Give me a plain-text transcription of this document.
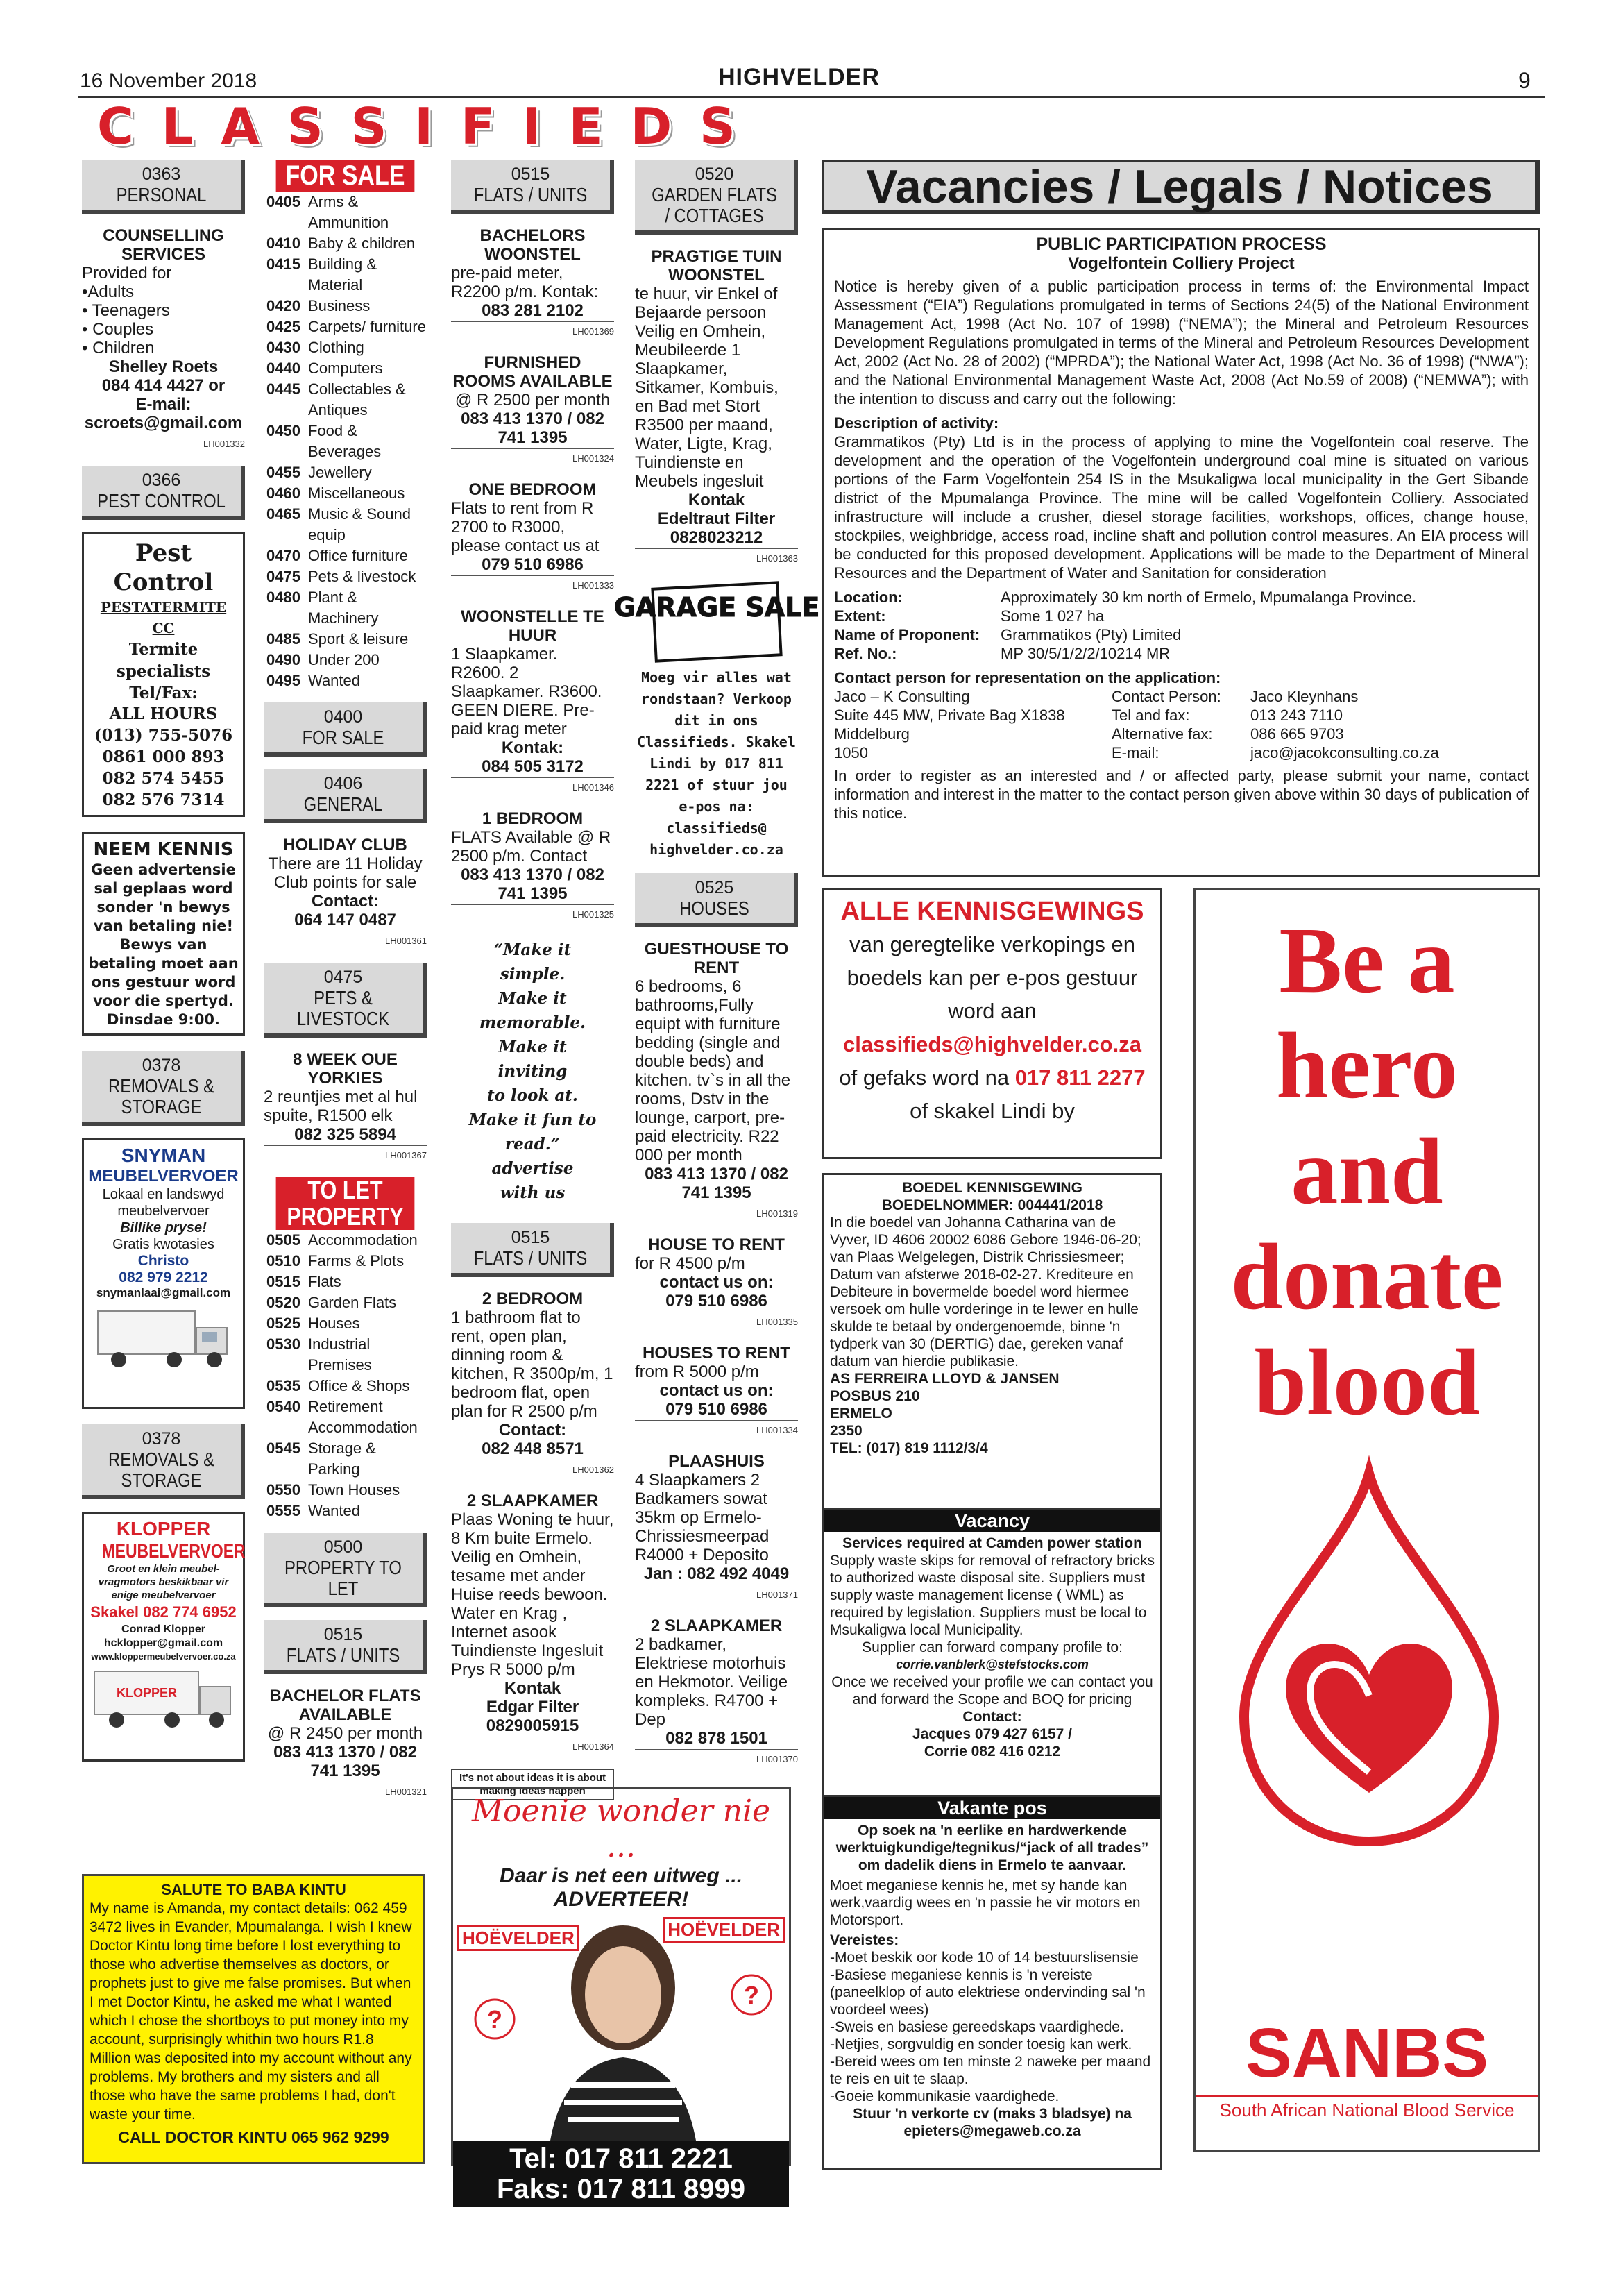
16 November 2018	HIGHVELDER	9
C L A S S I F I E D S
0363
PERSONAL
COUNSELLING SERVICES
Provided for
•Adults
• Teenagers
• Couples
• Children
Shelley Roets
084 414 4427 or
E-mail:
scroets@gmail.com
LH001332
0366
PEST CONTROL
Pest Control
PESTATERMITE CC
Termite
specialists
Tel/Fax:
ALL HOURS
(013) 755-5076
0861 000 893
082 574 5455
082 576 7314
NEEM KENNIS
Geen advertensie sal geplaas word sonder 'n bewys van betaling nie! Bewys van betaling moet aan ons gestuur word voor die spertyd. Dinsdae 9:00.
0378
REMOVALS & STORAGE
SNYMAN
MEUBELVERVOER
Lokaal en landswyd
meubelvervoer
Billike pryse!
Gratis kwotasies
Christo
082 979 2212
snymanlaai@gmail.com
0378
REMOVALS & STORAGE
KLOPPER
MEUBELVERVOER
Groot en klein meubel-vragmotors beskikbaar vir enige meubelvervoer
Skakel 082 774 6952
Conrad Klopper
hcklopper@gmail.com
www.kloppermeubelvervoer.co.za
KLOPPER
FOR SALE
0405 Arms & Ammunition
0410 Baby & children
0415 Building & Material
0420 Business
0425 Carpets/ furniture
0430 Clothing
0440 Computers
0445 Collectables & Antiques
0450 Food & Beverages
0455 Jewellery
0460 Miscellaneous
0465 Music & Sound equip
0470 Office furniture
0475 Pets & livestock
0480 Plant & Machinery
0485 Sport & leisure
0490 Under 200
0495 Wanted
0400
FOR SALE
0406
GENERAL
HOLIDAY CLUB
There are 11 Holiday Club points for sale
Contact:
064 147 0487
LH001361
0475
PETS & LIVESTOCK
8 WEEK OUE YORKIES
2 reuntjies met al hul spuite, R1500 elk
082 325 5894
LH001367
TO LET PROPERTY
0505 Accommodation
0510 Farms & Plots
0515 Flats
0520 Garden Flats
0525 Houses
0530 Industrial Premises
0535 Office & Shops
0540 Retirement Accommodation
0545 Storage & Parking
0550 Town Houses
0555 Wanted
0500
PROPERTY TO LET
0515
FLATS / UNITS
BACHELOR FLATS AVAILABLE
@ R 2450 per month
083 413 1370 / 082 741 1395
LH001321
0515
FLATS / UNITS
BACHELORS WOONSTEL
pre-paid meter, R2200 p/m. Kontak:
083 281 2102
LH001369
FURNISHED ROOMS AVAILABLE
@ R 2500 per month
083 413 1370 / 082 741 1395
LH001324
ONE BEDROOM
Flats to rent from R 2700 to R3000, please contact us at
079 510 6986
LH001333
WOONSTELLE TE HUUR
1 Slaapkamer. R2600. 2 Slaapkamer. R3600. GEEN DIERE. Pre-paid krag meter
Kontak:
084 505 3172
LH001346
1 BEDROOM
FLATS Available @ R 2500 p/m. Contact
083 413 1370 / 082 741 1395
LH001325
“Make it
simple.
Make it
memorable.
Make it
inviting
to look at.
Make it fun to
read.”
advertise
with us
0515
FLATS / UNITS
2 BEDROOM
1 bathroom flat to rent, open plan, dinning room & kitchen, R 3500p/m, 1 bedroom flat, open plan for R 2500 p/m
Contact:
082 448 8571
LH001362
2 SLAAPKAMER
Plaas Woning te huur, 8 Km buite Ermelo. Veilig en Omhein, tesame met ander Huise reeds bewoon. Water en Krag , Internet asook Tuindienste Ingesluit Prys R 5000 p/m
Kontak
Edgar Filter
0829005915
LH001364
It's not about ideas it is about making ideas happen
0520
GARDEN FLATS / COTTAGES
PRAGTIGE TUIN WOONSTEL
te huur, vir Enkel of Bejaarde persoon Veilig en Omhein, Meubileerde 1 Slaapkamer, Sitkamer, Kombuis, en Bad met Stort R3500 per maand, Water, Ligte, Krag, Tuindienste en Meubels ingesluit
Kontak
Edeltraut Filter
0828023212
LH001363
GARAGE SALE
Moeg vir alles wat rondstaan? Verkoop dit in ons Classifieds. Skakel Lindi by 017 811 2221 of stuur jou e-pos na: classifieds@ highvelder.co.za
0525
HOUSES
GUESTHOUSE TO RENT
6 bedrooms, 6 bathrooms,Fully equipt with furniture bedding (single and double beds) and kitchen. tv`s in all the rooms, Dstv in the lounge, carport, pre-paid electricity. R22 000 per month
083 413 1370 / 082 741 1395
LH001319
HOUSE TO RENT
for R 4500 p/m
contact us on:
079 510 6986
LH001335
HOUSES TO RENT
from R 5000 p/m
contact us on:
079 510 6986
LH001334
PLAASHUIS
4 Slaapkamers 2 Badkamers sowat 35km op Ermelo-Chrissiesmeerpad R4000 + Deposito
Jan : 082 492 4049
LH001371
2 SLAAPKAMER
2 badkamer, Elektriese motorhuis en Hekmotor. Veilige kompleks. R4700 + Dep
082 878 1501
LH001370
Moenie wonder nie ...
Daar is net een uitweg ... ADVERTEER!
HOËVELDER	HOËVELDER
?
?
Tel: 017 811 2221
Faks: 017 811 8999
SALUTE TO BABA KINTU
My name is Amanda, my contact details: 062 459 3472 lives in Evander, Mpumalanga. I wish I knew Doctor Kintu long time before I lost everything to those who advertise themselves as doctors, or prophets just to give me false promises. But when I met Doctor Kintu, he asked me what I wanted which I chose the shortboys to put money into my account, surprisingly whithin two hours R1.8 Million was deposited into my account without any problems. My brothers and my sisters and all those who have the same problems I had, don't waste your time.
CALL DOCTOR KINTU 065 962 9299
Vacancies / Legals / Notices
PUBLIC PARTICIPATION PROCESS
Vogelfontein Colliery Project

Notice is hereby given of a public participation process in terms of: the Environmental Impact Assessment (“EIA”) Regulations promulgated in terms of Sections 24(5) of the National Environment Management Act, 1998 (Act No. 107 of 1998) (“NEMA”); the Mineral and Petroleum Resources Development Regulations promulgated in terms of the Mineral and Petroleum Resources Development Act, 2002 (Act No. 28 of 2002) (“MPRDA”); the National Water Act, 1998 (Act No. 36 of 1998) (“NWA”); and the National Environmental Management Waste Act, 2008 (Act No.59 of 2008) (“NEMWA”); with the intention to discuss and carry out the following:

Description of activity:

Grammatikos (Pty) Ltd is in the process of applying to mine the Vogelfontein coal reserve. The development and the operation of the Vogelfontein underground coal mine is situated on various portions of the Farm Vogelfontein 254 IS in the Msukaligwa local municipality in the Gert Sibande district of the Mpumalanga Province. The mine will be called Vogelfontein Colliery. Associated infrastructure will include a crusher, diesel storage facilities, workshops, offices, change house, stockpiles, weighbridge, access road, incline shaft and pollution control measures. An EIA process will be conducted for this proposed development. Applications will be made to the Department of Mineral Resources and the Department of Water and Sanitation for consideration

Location:	Approximately 30 km north of Ermelo, Mpumalanga Province.
Extent:	Some 1 027 ha
Name of Proponent:	Grammatikos (Pty) Limited
Ref. No.:	MP 30/5/1/2/2/10214 MR
Contact person for representation on the application:
Jaco – K Consulting	Contact Person:	Jaco Kleynhans
Suite 445 MW, Private Bag X1838	Tel and fax:	013 243 7110
Middelburg	Alternative fax:	086 665 9703
1050	E-mail:	jaco@jacokconsulting.co.za

In order to register as an interested and / or affected party, please submit your name, contact information and interest in the matter to the contact person given above within 30 days of publication of this notice.

ALLE KENNISGEWINGS
van geregtelike verkopings en
boedels kan per e-pos gestuur
word aan
classifieds@highvelder.co.za
of gefaks word na 017 811 2277
of skakel Lindi by
Be a
hero
and
donate
blood
SANBS
South African National Blood Service
BOEDEL KENNISGEWING
BOEDELNOMMER: 004441/2018
In die boedel van Johanna Catharina van de Vyver, ID 4606 20002 6086 Gebore 1946-06-20; van Plaas Welgelegen, Distrik Chrissiesmeer; Datum van afsterwe 2018-02-27. Krediteure en Debiteure in bovermelde boedel word hiermee versoek om hulle vorderinge in te lewer en hulle skulde te betaal by ondergenoemde, binne 'n tydperk van 30 (DERTIG) dae, gereken vanaf datum van hierdie publikasie.
AS FERREIRA LLOYD & JANSEN
POSBUS 210
ERMELO
2350
TEL: (017) 819 1112/3/4
Vacancy
Services required at Camden power station
Supply waste skips for removal of refractory bricks to authorized waste disposal site. Suppliers must supply waste management license ( WML) as required by legislation. Suppliers must be local to Msukaligwa local Municipality.
Supplier can forward company profile to:
corrie.vanblerk@stefstocks.com
Once we received your profile we can contact you and forward the Scope and BOQ for pricing
Contact:
Jacques 079 427 6157 /
Corrie 082 416 0212
Vakante pos
Op soek na 'n eerlike en hardwerkende werktuigkundige/tegnikus/“jack of all trades” om dadelik diens in Ermelo te aanvaar.
Moet meganiese kennis he, met sy hande kan werk,vaardig wees en 'n passie he vir motors en Motorsport.
Vereistes:
-Moet beskik oor kode 10 of 14 bestuurslisensie
-Basiese meganiese kennis is 'n vereiste (paneelklop of auto elektriese ondervinding sal 'n voordeel wees)
-Sweis en basiese gereedskaps vaardighede.
-Netjies, sorgvuldig en sonder toesig kan werk.
-Bereid wees om ten minste 2 naweke per maand te reis en uit te slaap.
-Goeie kommunikasie vaardighede.
Stuur 'n verkorte cv (maks 3 bladsye) na epieters@megaweb.co.za
